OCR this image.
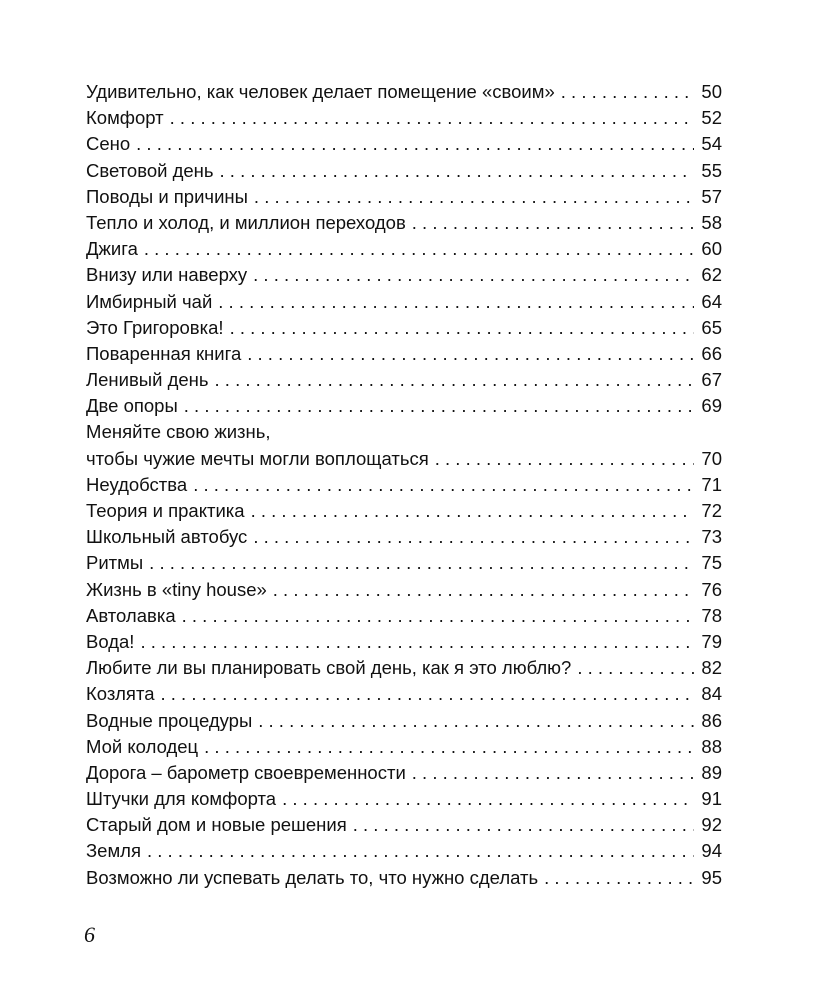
Удивительно, как человек делает помещение «своим» . . .	50
Комфорт . . .	52
Сено . . .	54
Световой день . . .	55
Поводы и причины . . .	57
Тепло и холод, и миллион переходов . . .	58
Джига . . .	60
Внизу или наверху . . .	62
Имбирный чай . . .	64
Это Григоровка! . . .	65
Поваренная книга . . .	66
Ленивый день . . .	67
Две опоры . . .	69
Меняйте свою жизнь,
чтобы чужие мечты могли воплощаться . . .	70
Неудобства . . .	71
Теория и практика . . .	72
Школьный автобус . . .	73
Ритмы . . .	75
Жизнь в «tiny house» . . .	76
Автолавка . . .	78
Вода! . . .	79
Любите ли вы планировать свой день, как я это люблю? . . .	82
Козлята . . .	84
Водные процедуры . . .	86
Мой колодец . . .	88
Дорога – барометр своевременности . . .	89
Штучки для комфорта . . .	91
Старый дом и новые решения . . .	92
Земля . . .	94
Возможно ли успевать делать то, что нужно сделать . . .	95
6
